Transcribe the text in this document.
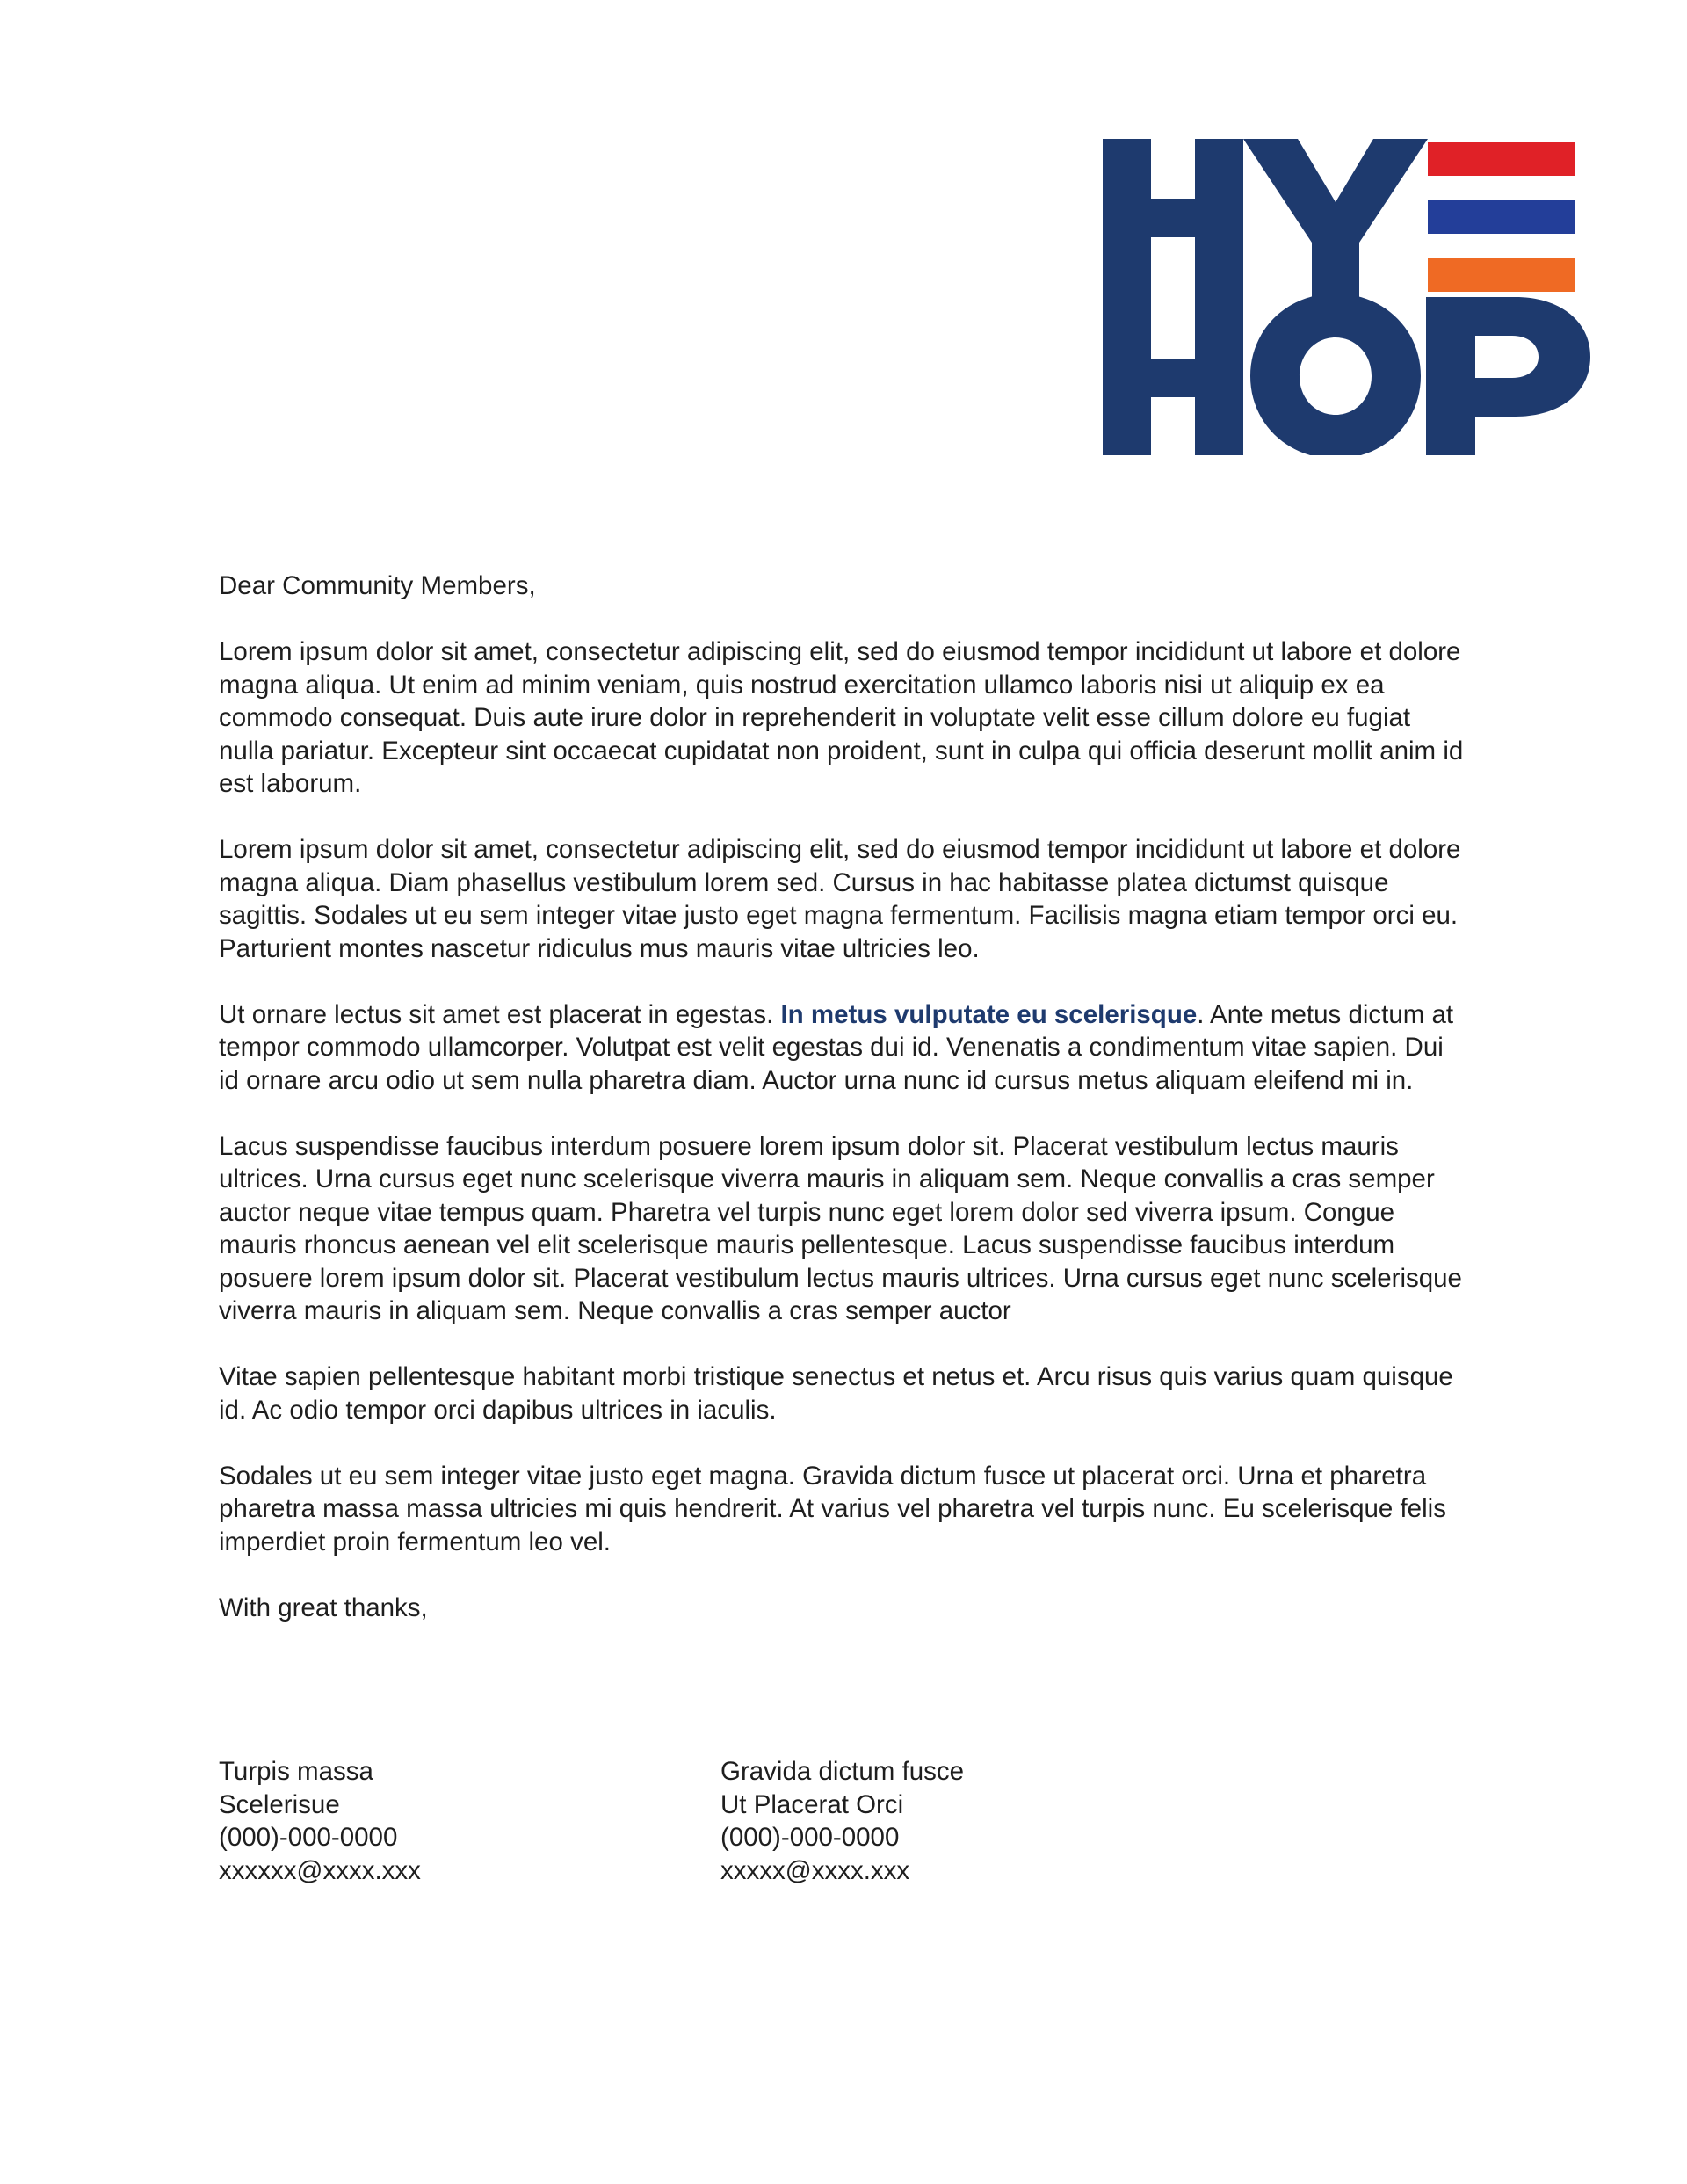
Dear Community Members,

Lorem ipsum dolor sit amet, consectetur adipiscing elit, sed do eiusmod tempor incididunt ut labore et dolore magna aliqua. Ut enim ad minim veniam, quis nostrud exercitation ullamco laboris nisi ut aliquip ex ea commodo consequat. Duis aute irure dolor in reprehenderit in voluptate velit esse cillum dolore eu fugiat nulla pariatur. Excepteur sint occaecat cupidatat non proident, sunt in culpa qui officia deserunt mollit anim id est laborum.

Lorem ipsum dolor sit amet, consectetur adipiscing elit, sed do eiusmod tempor incididunt ut labore et dolore magna aliqua. Diam phasellus vestibulum lorem sed. Cursus in hac habitasse platea dictumst quisque sagittis. Sodales ut eu sem integer vitae justo eget magna fermentum. Facilisis magna etiam tempor orci eu. Parturient montes nascetur ridiculus mus mauris vitae ultricies leo.

Ut ornare lectus sit amet est placerat in egestas. In metus vulputate eu scelerisque. Ante metus dictum at tempor commodo ullamcorper. Volutpat est velit egestas dui id. Venenatis a condimentum vitae sapien. Dui id ornare arcu odio ut sem nulla pharetra diam. Auctor urna nunc id cursus metus aliquam eleifend mi in.

Lacus suspendisse faucibus interdum posuere lorem ipsum dolor sit. Placerat vestibulum lectus mauris ultrices. Urna cursus eget nunc scelerisque viverra mauris in aliquam sem. Neque convallis a cras semper auctor neque vitae tempus quam. Pharetra vel turpis nunc eget lorem dolor sed viverra ipsum. Congue mauris rhoncus aenean vel elit scelerisque mauris pellentesque. Lacus suspendisse faucibus interdum posuere lorem ipsum dolor sit. Placerat vestibulum lectus mauris ultrices. Urna cursus eget nunc scelerisque viverra mauris in aliquam sem. Neque convallis a cras semper auctor

Vitae sapien pellentesque habitant morbi tristique senectus et netus et. Arcu risus quis varius quam quisque id. Ac odio tempor orci dapibus ultrices in iaculis.

Sodales ut eu sem integer vitae justo eget magna. Gravida dictum fusce ut placerat orci. Urna et pharetra pharetra massa massa ultricies mi quis hendrerit. At varius vel pharetra vel turpis nunc. Eu scelerisque felis imperdiet proin fermentum leo vel.

With great thanks,

Turpis massa
Scelerisue
(000)-000-0000
xxxxxx@xxxx.xxx
Gravida dictum fusce
Ut Placerat Orci
(000)-000-0000
xxxxx@xxxx.xxx
